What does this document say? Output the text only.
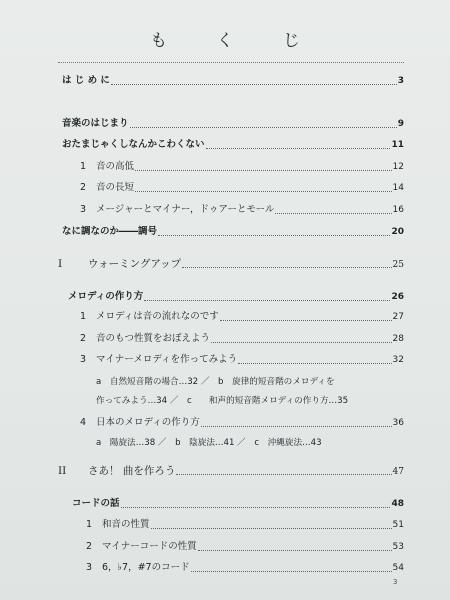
も く じ
は じ め に	3
音楽のはじまり	9
おたまじゃくしなんかこわくない	11
1 音の高低	12
2 音の長短	14
3 メージャーとマイナー，ドゥアーとモール	16
なに調なのか――調号	20
I ウォーミングアップ	25
メロディの作り方	26
1 メロディは音の流れなのです	27
2 音のもつ性質をおぼえよう	28
3 マイナーメロディを作ってみよう	32
a　自然短音階の場合…32 ／　b　旋律的短音階のメロディを
作ってみよう…34 ／　c　　和声的短音階メロディの作り方…35
4 日本のメロディの作り方	36
a　陽旋法…38 ／　b　陰旋法…41 ／　c　沖縄旋法…43
II さあ！ 曲を作ろう	47
コードの話	48
1 和音の性質	51
2 マイナーコードの性質	53
3 6，♭7，#7のコード	54
3
